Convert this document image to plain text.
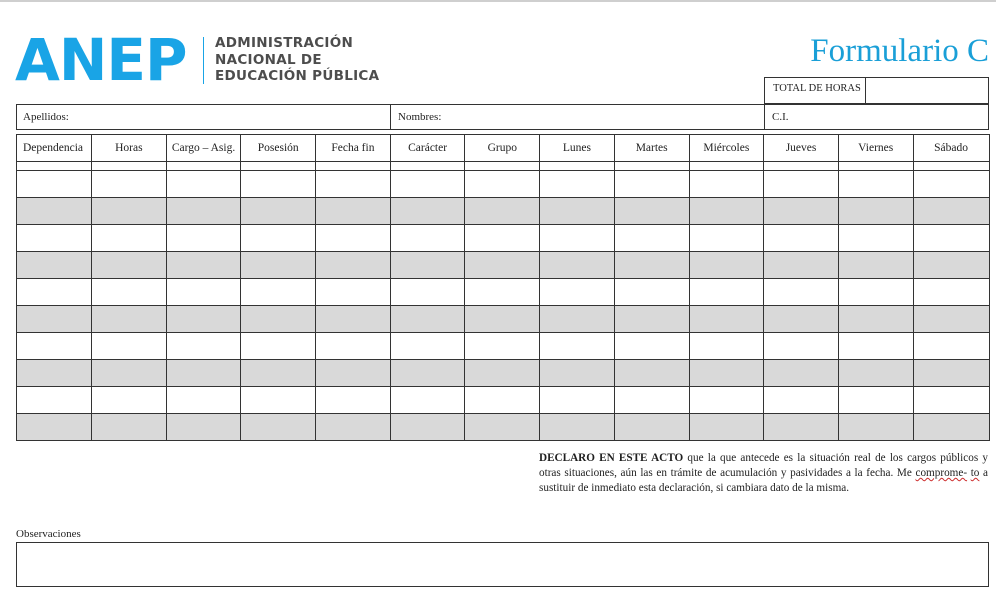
ANEP ADMINISTRACIÓN
NACIONAL DE
EDUCACIÓN PÚBLICA
Formulario C
TOTAL DE HORAS
Apellidos:	Nombres:	C.I.
Dependencia	Horas	Cargo – Asig.	Posesión	Fecha fin	Carácter	Grupo	Lunes	Martes	Miércoles	Jueves	Viernes	Sábado

DECLARO EN ESTE ACTO que la que antecede es la situación real de los cargos públicos y otras situaciones, aún las en trámite de acumulación y pasividades a la fecha. Me comprome- to a sustituir de inmediato esta declaración, si cambiara dato de la misma.
Observaciones
